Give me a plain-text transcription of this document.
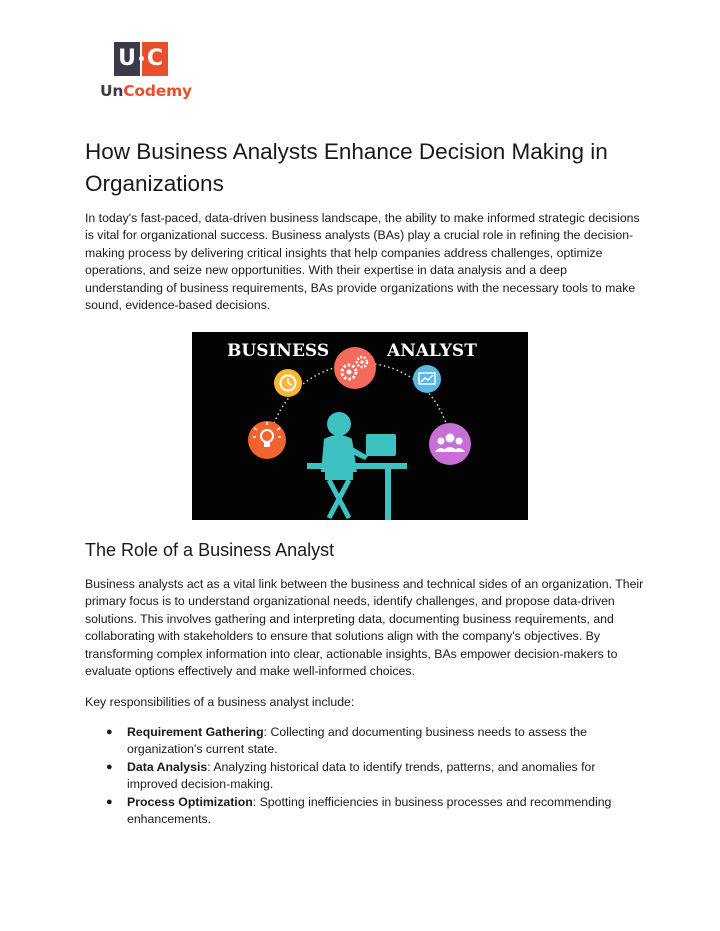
U C
UnCodemy
How Business Analysts Enhance Decision Making in Organizations

In today's fast-paced, data-driven business landscape, the ability to make informed strategic decisions is vital for organizational success. Business analysts (BAs) play a crucial role in refining the decision-making process by delivering critical insights that help companies address challenges, optimize operations, and seize new opportunities. With their expertise in data analysis and a deep understanding of business requirements, BAs provide organizations with the necessary tools to make sound, evidence-based decisions.

BUSINESS	ANALYST
The Role of a Business Analyst

Business analysts act as a vital link between the business and technical sides of an organization. Their primary focus is to understand organizational needs, identify challenges, and propose data-driven solutions. This involves gathering and interpreting data, documenting business requirements, and collaborating with stakeholders to ensure that solutions align with the company's objectives. By transforming complex information into clear, actionable insights, BAs empower decision-makers to evaluate options effectively and make well-informed choices.

Key responsibilities of a business analyst include:

● Requirement Gathering: Collecting and documenting business needs to assess the organization's current state.
● Data Analysis: Analyzing historical data to identify trends, patterns, and anomalies for improved decision-making.
● Process Optimization: Spotting inefficiencies in business processes and recommending enhancements.
